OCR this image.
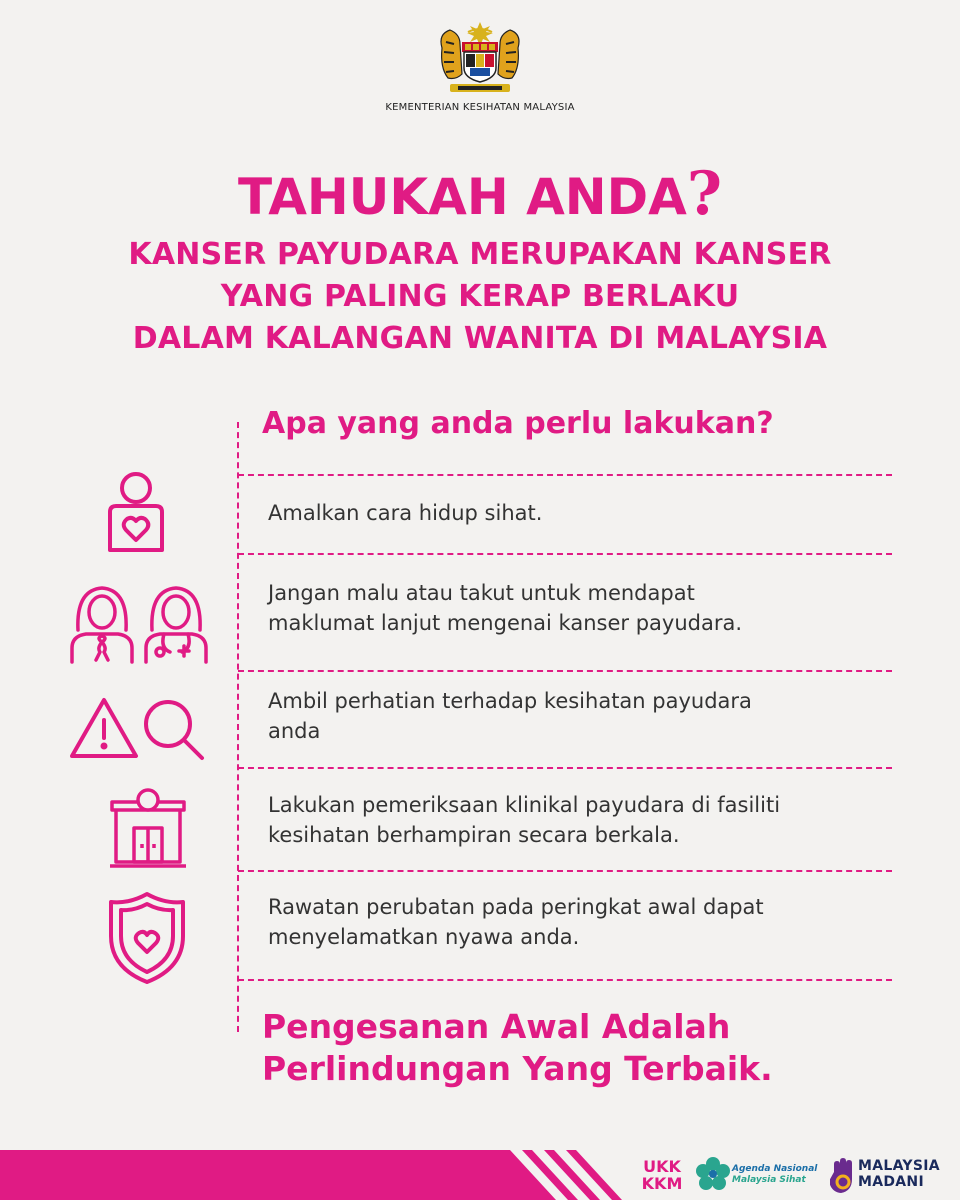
KEMENTERIAN KESIHATAN MALAYSIA
TAHUKAH ANDA?
KANSER PAYUDARA MERUPAKAN KANSER
YANG PALING KERAP BERLAKU
DALAM KALANGAN WANITA DI MALAYSIA
Apa yang anda perlu lakukan?
Amalkan cara hidup sihat.
Jangan malu atau takut untuk mendapat
maklumat lanjut mengenai kanser payudara.
Ambil perhatian terhadap kesihatan payudara
anda
Lakukan pemeriksaan klinikal payudara di fasiliti
kesihatan berhampiran secara berkala.
Rawatan perubatan pada peringkat awal dapat
menyelamatkan nyawa anda.
Pengesanan Awal Adalah
Perlindungan Yang Terbaik.
UKK
KKM
Agenda Nasional
Malaysia Sihat
MALAYSIA
MADANI
